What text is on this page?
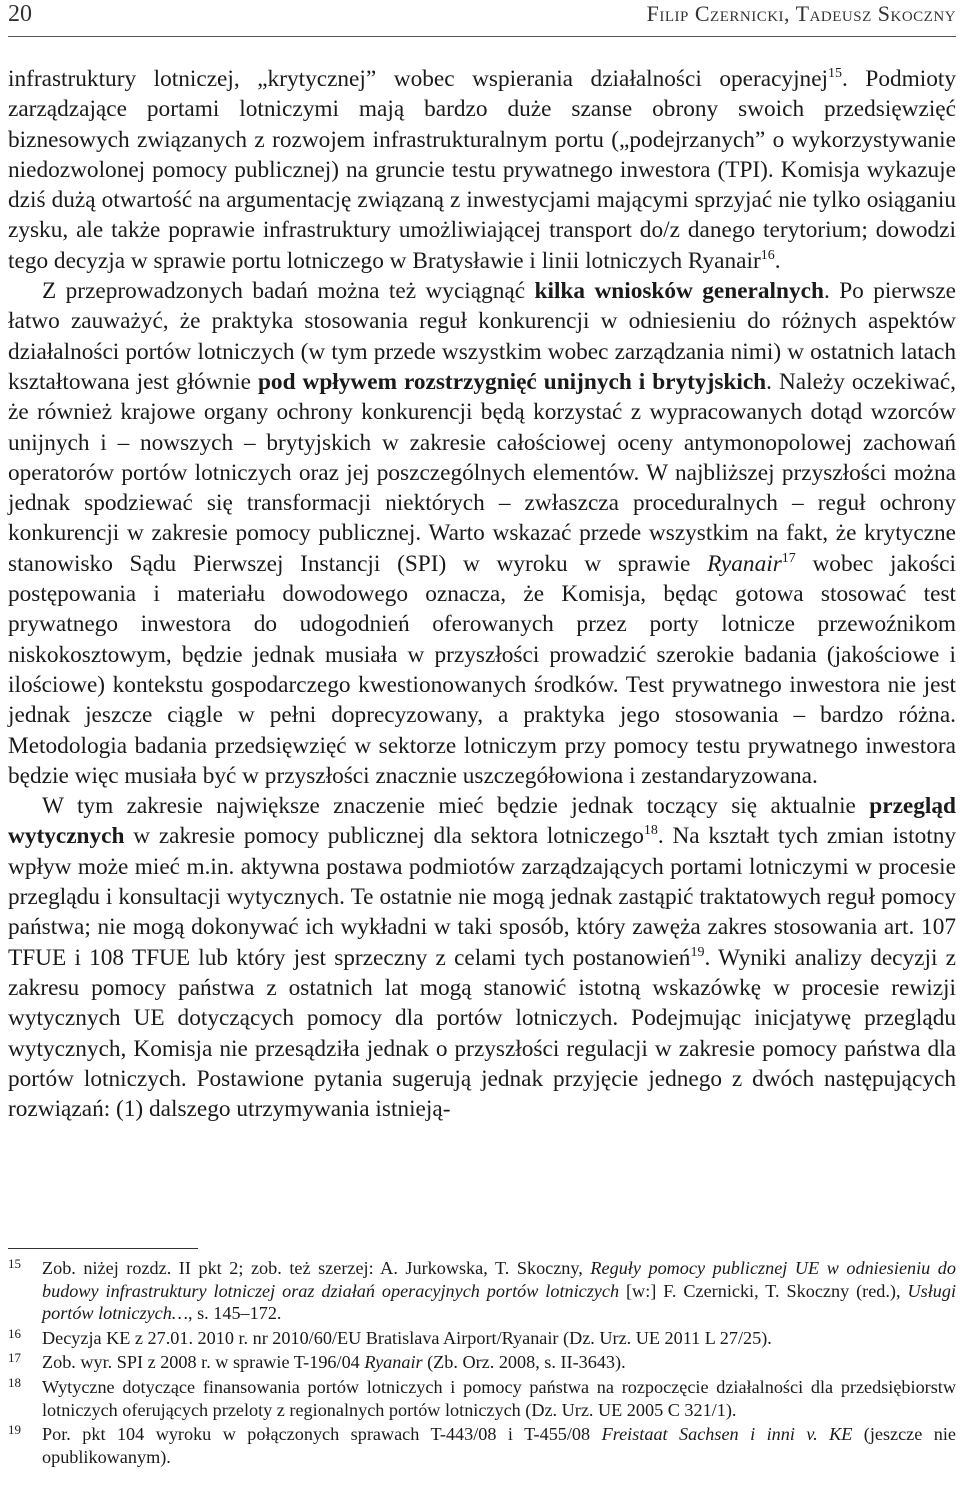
20	Filip Czernicki, Tadeusz Skoczny

infrastruktury lotniczej, „krytycznej” wobec wspierania działalności operacyjnej$^{15}$. Podmioty zarządzające portami lotniczymi mają bardzo duże szanse obrony swoich przedsięwzięć biznesowych związanych z rozwojem infrastrukturalnym portu („podejrzanych” o wykorzystywanie niedozwolonej pomocy publicznej) na gruncie testu prywatnego inwestora (TPI). Komisja wykazuje dziś dużą otwartość na argumentację związaną z inwestycjami mającymi sprzyjać nie tylko osiąganiu zysku, ale także poprawie infrastruktury umożliwiającej transport do/z danego terytorium; dowodzi tego decyzja w sprawie portu lotniczego w Bratysławie i linii lotniczych Ryanair$^{16}$.

Z przeprowadzonych badań można też wyciągnąć kilka wniosków generalnych. Po pierwsze łatwo zauważyć, że praktyka stosowania reguł konkurencji w odniesieniu do różnych aspektów działalności portów lotniczych (w tym przede wszystkim wobec zarządzania nimi) w ostatnich latach kształtowana jest głównie pod wpływem rozstrzygnięć unijnych i brytyjskich. Należy oczekiwać, że również krajowe organy ochrony konkurencji będą korzystać z wypracowanych dotąd wzorców unijnych i – nowszych – brytyjskich w zakresie całościowej oceny antymonopolowej zachowań operatorów portów lotniczych oraz jej poszczególnych elementów. W najbliższej przyszłości można jednak spodziewać się transformacji niektórych – zwłaszcza proceduralnych – reguł ochrony konkurencji w zakresie pomocy publicznej. Warto wskazać przede wszystkim na fakt, że krytyczne stanowisko Sądu Pierwszej Instancji (SPI) w wyroku w sprawie Ryanair$^{17}$ wobec jakości postępowania i materiału dowodowego oznacza, że Komisja, będąc gotowa stosować test prywatnego inwestora do udogodnień oferowanych przez porty lotnicze przewoźnikom niskokosztowym, będzie jednak musiała w przyszłości prowadzić szerokie badania (jakościowe i ilościowe) kontekstu gospodarczego kwestionowanych środków. Test prywatnego inwestora nie jest jednak jeszcze ciągle w pełni doprecyzowany, a praktyka jego stosowania – bardzo różna. Metodologia badania przedsięwzięć w sektorze lotniczym przy pomocy testu prywatnego inwestora będzie więc musiała być w przyszłości znacznie uszczegółowiona i zestandaryzowana.

W tym zakresie największe znaczenie mieć będzie jednak toczący się aktualnie przegląd wytycznych w zakresie pomocy publicznej dla sektora lotniczego$^{18}$. Na kształt tych zmian istotny wpływ może mieć m.in. aktywna postawa podmiotów zarządzających portami lotniczymi w procesie przeglądu i konsultacji wytycznych. Te ostatnie nie mogą jednak zastąpić traktatowych reguł pomocy państwa; nie mogą dokonywać ich wykładni w taki sposób, który zawęża zakres stosowania art. 107 TFUE i 108 TFUE lub który jest sprzeczny z celami tych postanowień$^{19}$. Wyniki analizy decyzji z zakresu pomocy państwa z ostatnich lat mogą stanowić istotną wskazówkę w procesie rewizji wytycznych UE dotyczących pomocy dla portów lotniczych. Podejmując inicjatywę przeglądu wytycznych, Komisja nie przesądziła jednak o przyszłości regulacji w zakresie pomocy państwa dla portów lotniczych. Postawione pytania sugerują jednak przyjęcie jednego z dwóch następujących rozwiązań: (1) dalszego utrzymywania istnieją-

15 Zob. niżej rozdz. II pkt 2; zob. też szerzej: A. Jurkowska, T. Skoczny, Reguły pomocy publicznej UE w odniesieniu do budowy infrastruktury lotniczej oraz działań operacyjnych portów lotniczych [w:] F. Czernicki, T. Skoczny (red.), Usługi portów lotniczych…, s. 145–172.
16 Decyzja KE z 27.01. 2010 r. nr 2010/60/EU Bratislava Airport/Ryanair (Dz. Urz. UE 2011 L 27/25).
17 Zob. wyr. SPI z 2008 r. w sprawie T-196/04 Ryanair (Zb. Orz. 2008, s. II-3643).
18 Wytyczne dotyczące finansowania portów lotniczych i pomocy państwa na rozpoczęcie działalności dla przedsiębiorstw lotniczych oferujących przeloty z regionalnych portów lotniczych (Dz. Urz. UE 2005 C 321/1).
19 Por. pkt 104 wyroku w połączonych sprawach T-443/08 i T-455/08 Freistaat Sachsen i inni v. KE (jeszcze nie opublikowanym).
